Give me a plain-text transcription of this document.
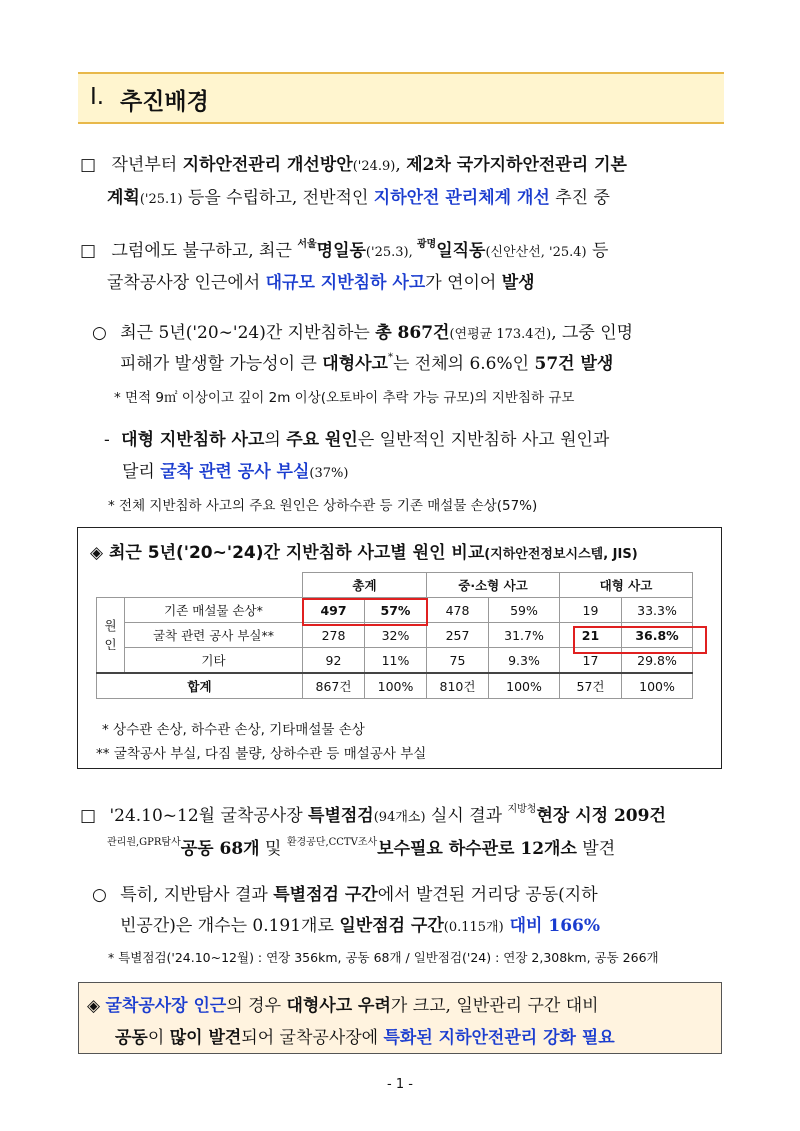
Ⅰ. 추진배경
□ 작년부터 지하안전관리 개선방안('24.9), 제2차 국가지하안전관리 기본
계획('25.1) 등을 수립하고, 전반적인 지하안전 관리체계 개선 추진 중
□ 그럼에도 불구하고, 최근 $^{서울}$명일동('25.3), $^{광명}$일직동(신안산선, '25.4) 등
굴착공사장 인근에서 대규모 지반침하 사고가 연이어 발생
○ 최근 5년('20∼'24)간 지반침하는 총 867건(연평균 173.4건), 그중 인명
피해가 발생할 가능성이 큰 대형사고*는 전체의 6.6%인 57건 발생
* 면적 9㎡ 이상이고 깊이 2m 이상(오토바이 추락 가능 규모)의 지반침하 규모
- 대형 지반침하 사고의 주요 원인은 일반적인 지반침하 사고 원인과
달리 굴착 관련 공사 부실(37%)
* 전체 지반침하 사고의 주요 원인은 상하수관 등 기존 매설물 손상(57%)
◈ 최근 5년('20~'24)간 지반침하 사고별 원인 비교(지하안전정보시스템, JIS)
		총계		중·소형 사고		대형 사고	
원인	기존 매설물 손상*	497	57%	478	59%	19	33.3%
	굴착 관련 공사 부실**	278	32%	257	31.7%	21	36.8%
	기타	92	11%	75	9.3%	17	29.8%
합계		867건	100%	810건	100%	57건	100%
* 상수관 손상, 하수관 손상, 기타매설물 손상
** 굴착공사 부실, 다짐 불량, 상하수관 등 매설공사 부실
□ '24.10~12월 굴착공사장 특별점검(94개소) 실시 결과 $^{지방청}$현장 시정 209건
$^{관리원,GPR탐사}$공동 68개 및 $^{환경공단,CCTV조사}$보수필요 하수관로 12개소 발견
○ 특히, 지반탐사 결과 특별점검 구간에서 발견된 거리당 공동(지하
빈공간)은 개수는 0.191개로 일반점검 구간(0.115개) 대비 166%
* 특별점검('24.10~12월) : 연장 356km, 공동 68개 / 일반점검('24) : 연장 2,308km, 공동 266개
◈ 굴착공사장 인근의 경우 대형사고 우려가 크고, 일반관리 구간 대비
공동이 많이 발견되어 굴착공사장에 특화된 지하안전관리 강화 필요
- 1 -
